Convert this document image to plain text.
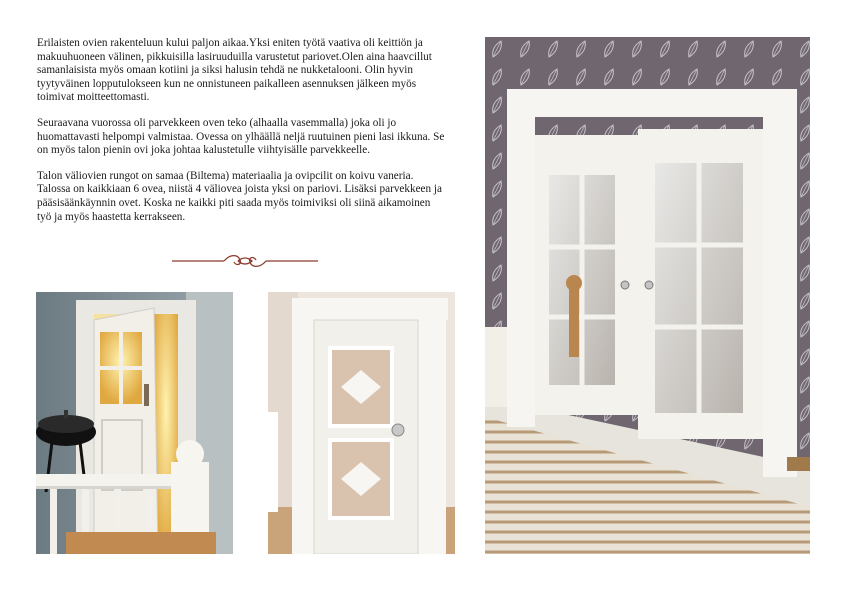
Erilaisten ovien rakenteluun kului paljon aikaa.Yksi eniten työtä vaativa oli keittiön ja makuuhuoneen välinen, pikkuisilla lasiruuduilla varustetut pariovet.Olen aina haavcillut samanlaisista myös omaan kotiini ja siksi halusin tehdä ne nukketalooni. Olin hyvin tyytyväinen lopputulokseen kun ne onnistuneen paikalleen asennuksen jälkeen myös toimivat moitteettomasti.

Seuraavana vuorossa oli parvekkeen oven teko (alhaalla vasemmalla) joka oli jo huomattavasti helpompi valmistaa. Ovessa on ylhäällä neljä ruutuinen pieni lasi ikkuna. Se on myös talon pienin ovi joka johtaa kalustetulle viihtyisälle parvekkeelle.

Talon väliovien rungot on samaa (Biltema) materiaalia ja ovipcilit on koivu vaneria. Talossa on kaikkiaan 6 ovea, niistä 4 väliovea joista yksi on pariovi. Lisäksi parvekkeen ja pääsisäänkäynnin ovet. Koska ne kaikki piti saada myös toimiviksi oli siinä aikamoinen työ ja myös haastetta kerrakseen.
